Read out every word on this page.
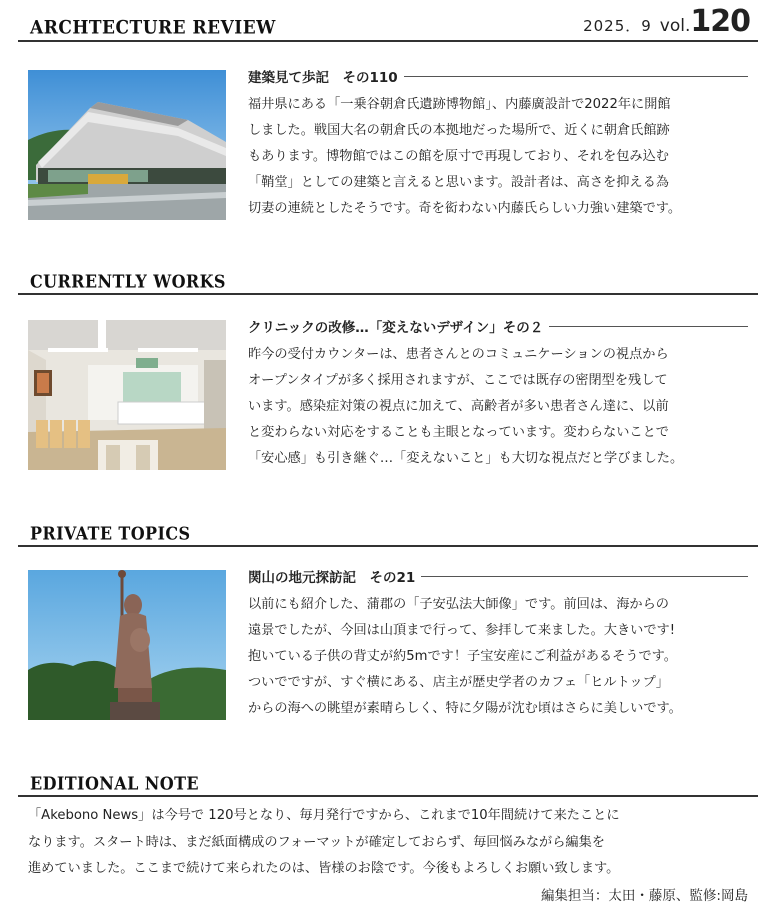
ARCHTECTURE REVIEW	2025．9 vol.120
建築見て歩記　その110

福井県にある「一乗谷朝倉氏遺跡博物館」、内藤廣設計で2022年に開館

しました。戦国大名の朝倉氏の本拠地だった場所で、近くに朝倉氏館跡

もあります。博物館ではこの館を原寸で再現しており、それを包み込む

「鞘堂」としての建築と言えると思います。設計者は、高さを抑える為

切妻の連続としたそうです。奇を衒わない内藤氏らしい力強い建築です。

CURRENTLY WORKS
クリニックの改修…「変えないデザイン」その２

昨今の受付カウンターは、患者さんとのコミュニケーションの視点から

オープンタイプが多く採用されますが、ここでは既存の密閉型を残して

います。感染症対策の視点に加えて、高齢者が多い患者さん達に、以前

と変わらない対応をすることも主眼となっています。変わらないことで

「安心感」も引き継ぐ…「変えないこと」も大切な視点だと学びました。

PRIVATE TOPICS
関山の地元探訪記　その21

以前にも紹介した、蒲郡の「子安弘法大師像」です。前回は、海からの

遠景でしたが、今回は山頂まで行って、参拝して来ました。大きいです!

抱いている子供の背丈が約5mです！子宝安産にご利益があるそうです。

ついでですが、すぐ横にある、店主が歴史学者のカフェ「ヒルトップ」

からの海への眺望が素晴らしく、特に夕陽が沈む頃はさらに美しいです。

EDITIONAL NOTE

「Akebono News」は今号で 120号となり、毎月発行ですから、これまで10年間続けて来たことに

なります。スタート時は、まだ紙面構成のフォーマットが確定しておらず、毎回悩みながら編集を

進めていました。ここまで続けて来られたのは、皆様のお陰です。今後もよろしくお願い致します。

編集担当：太田・藤原、監修:岡島
